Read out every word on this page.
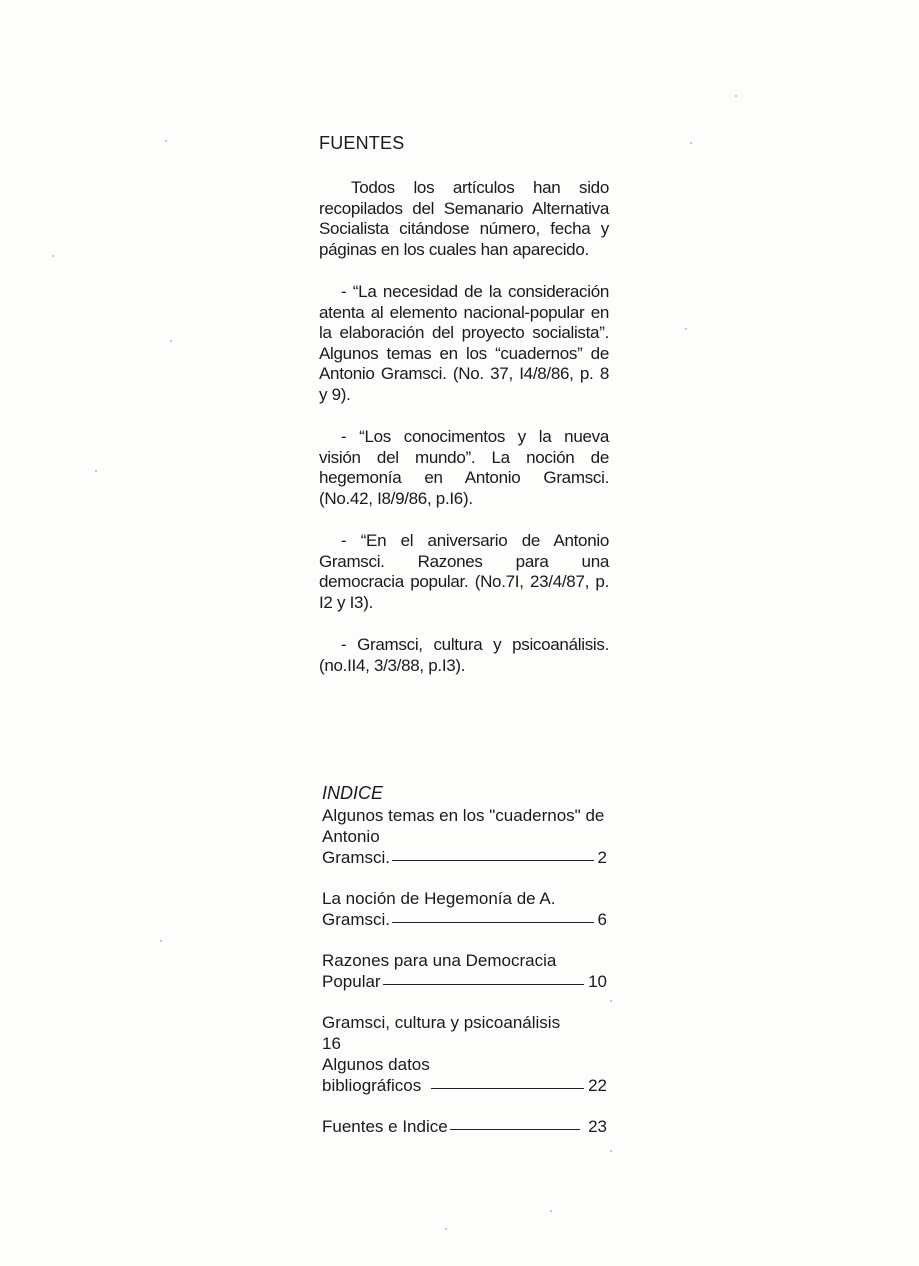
FUENTES

Todos los artículos han sido recopilados del Semanario Alternativa Socialista citándose número, fecha y páginas en los cuales han aparecido.

- “La necesidad de la consideración atenta al elemento nacional-popular en la elaboración del proyecto socialista”. Algunos temas en los “cuadernos” de Antonio Gramsci. (No. 37, I4/8/86, p. 8 y 9).

- “Los conocimentos y la nueva visión del mundo”. La noción de hegemonía en Antonio Gramsci. (No.42, I8/9/86, p.I6).

- “En el aniversario de Antonio Gramsci. Razones para una democracia popular. (No.7I, 23/4/87, p. I2 y I3).

- Gramsci, cultura y psicoanálisis. (no.II4, 3/3/88, p.I3).

INDICE
Algunos temas en los "cuadernos" de Antonio
Gramsci.	2
La noción de Hegemonía de A.
Gramsci.	6
Razones para una Democracia
Popular	10
Gramsci, cultura y psicoanálisis
16
Algunos datos
bibliográficos	22
Fuentes e Indice	23
